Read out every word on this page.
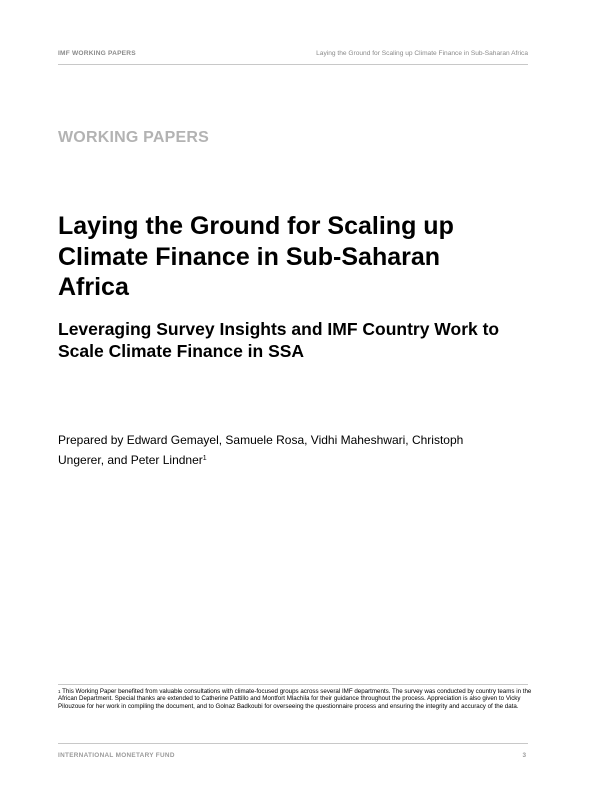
IMF WORKING PAPERS	Laying the Ground for Scaling up Climate Finance in Sub-Saharan Africa
WORKING PAPERS
Laying the Ground for Scaling up
Climate Finance in Sub-Saharan
Africa
Leveraging Survey Insights and IMF Country Work to
Scale Climate Finance in SSA
Prepared by Edward Gemayel, Samuele Rosa, Vidhi Maheshwari, Christoph
Ungerer, and Peter Lindner$^1$
$^1$ This Working Paper benefited from valuable consultations with climate-focused groups across several IMF departments. The survey was conducted by country teams in the African Department. Special thanks are extended to Catherine Pattillo and Montfort Mlachila for their guidance throughout the process. Appreciation is also given to Vicky Pilouzoue for her work in compiling the document, and to Golnaz Badkoubi for overseeing the questionnaire process and ensuring the integrity and accuracy of the data.
INTERNATIONAL MONETARY FUND	3
